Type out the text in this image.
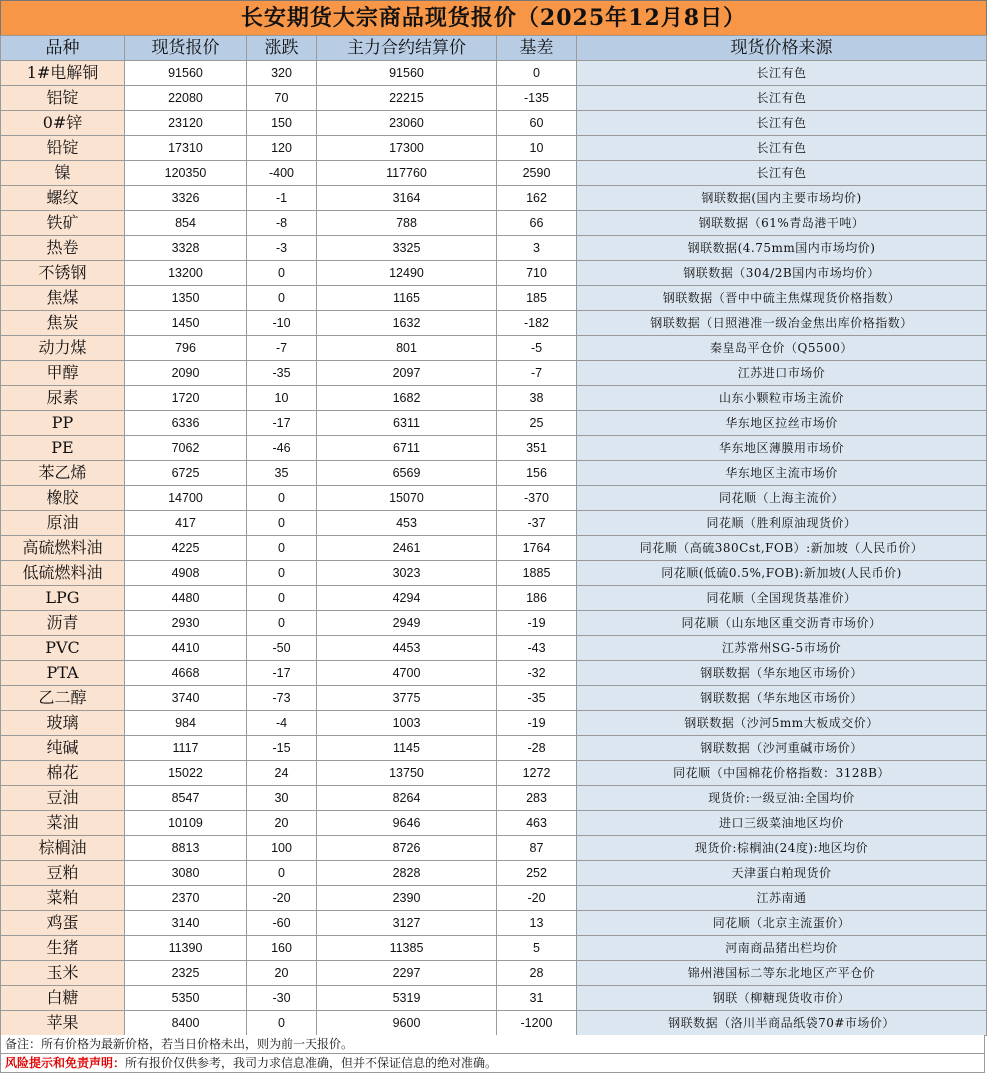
长安期货大宗商品现货报价（2025年12月8日）
品种	现货报价	涨跌	主力合约结算价	基差	现货价格来源
1#电解铜	91560	320	91560	0	长江有色
铝锭	22080	70	22215	-135	长江有色
0#锌	23120	150	23060	60	长江有色
铅锭	17310	120	17300	10	长江有色
镍	120350	-400	117760	2590	长江有色
螺纹	3326	-1	3164	162	钢联数据(国内主要市场均价)
铁矿	854	-8	788	66	钢联数据（61%青岛港干吨）
热卷	3328	-3	3325	3	钢联数据(4.75mm国内市场均价)
不锈钢	13200	0	12490	710	钢联数据（304/2B国内市场均价）
焦煤	1350	0	1165	185	钢联数据（晋中中硫主焦煤现货价格指数）
焦炭	1450	-10	1632	-182	钢联数据（日照港准一级冶金焦出库价格指数）
动力煤	796	-7	801	-5	秦皇岛平仓价（Q5500）
甲醇	2090	-35	2097	-7	江苏进口市场价
尿素	1720	10	1682	38	山东小颗粒市场主流价
PP	6336	-17	6311	25	华东地区拉丝市场价
PE	7062	-46	6711	351	华东地区薄膜用市场价
苯乙烯	6725	35	6569	156	华东地区主流市场价
橡胶	14700	0	15070	-370	同花顺（上海主流价）
原油	417	0	453	-37	同花顺（胜利原油现货价）
高硫燃料油	4225	0	2461	1764	同花顺（高硫380Cst,FOB）:新加坡（人民币价）
低硫燃料油	4908	0	3023	1885	同花顺(低硫0.5%,FOB):新加坡(人民币价)
LPG	4480	0	4294	186	同花顺（全国现货基准价）
沥青	2930	0	2949	-19	同花顺（山东地区重交沥青市场价）
PVC	4410	-50	4453	-43	江苏常州SG-5市场价
PTA	4668	-17	4700	-32	钢联数据（华东地区市场价）
乙二醇	3740	-73	3775	-35	钢联数据（华东地区市场价）
玻璃	984	-4	1003	-19	钢联数据（沙河5mm大板成交价）
纯碱	1117	-15	1145	-28	钢联数据（沙河重碱市场价）
棉花	15022	24	13750	1272	同花顺（中国棉花价格指数：3128B）
豆油	8547	30	8264	283	现货价:一级豆油:全国均价
菜油	10109	20	9646	463	进口三级菜油地区均价
棕榈油	8813	100	8726	87	现货价:棕榈油(24度):地区均价
豆粕	3080	0	2828	252	天津蛋白粕现货价
菜粕	2370	-20	2390	-20	江苏南通
鸡蛋	3140	-60	3127	13	同花顺（北京主流蛋价）
生猪	11390	160	11385	5	河南商品猪出栏均价
玉米	2325	20	2297	28	锦州港国标二等东北地区产平仓价
白糖	5350	-30	5319	31	钢联（柳糖现货收市价）
苹果	8400	0	9600	-1200	钢联数据（洛川半商品纸袋70#市场价）
备注：所有价格为最新价格，若当日价格未出，则为前一天报价。
风险提示和免责声明：所有报价仅供参考，我司力求信息准确，但并不保证信息的绝对准确。
